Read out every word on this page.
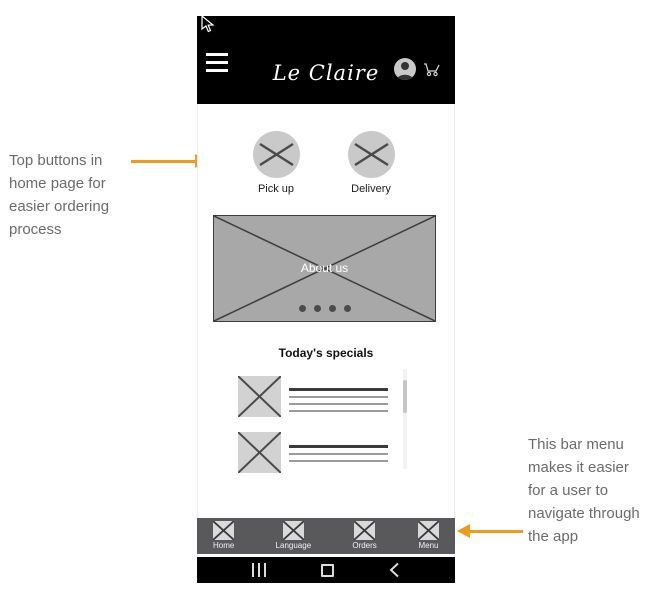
Top buttons in home page for easier ordering process
This bar menu makes it easier for a user to navigate through the app
Le Claire
Pick up	Delivery
About us
Today's specials
Home	Language	Orders	Menu
